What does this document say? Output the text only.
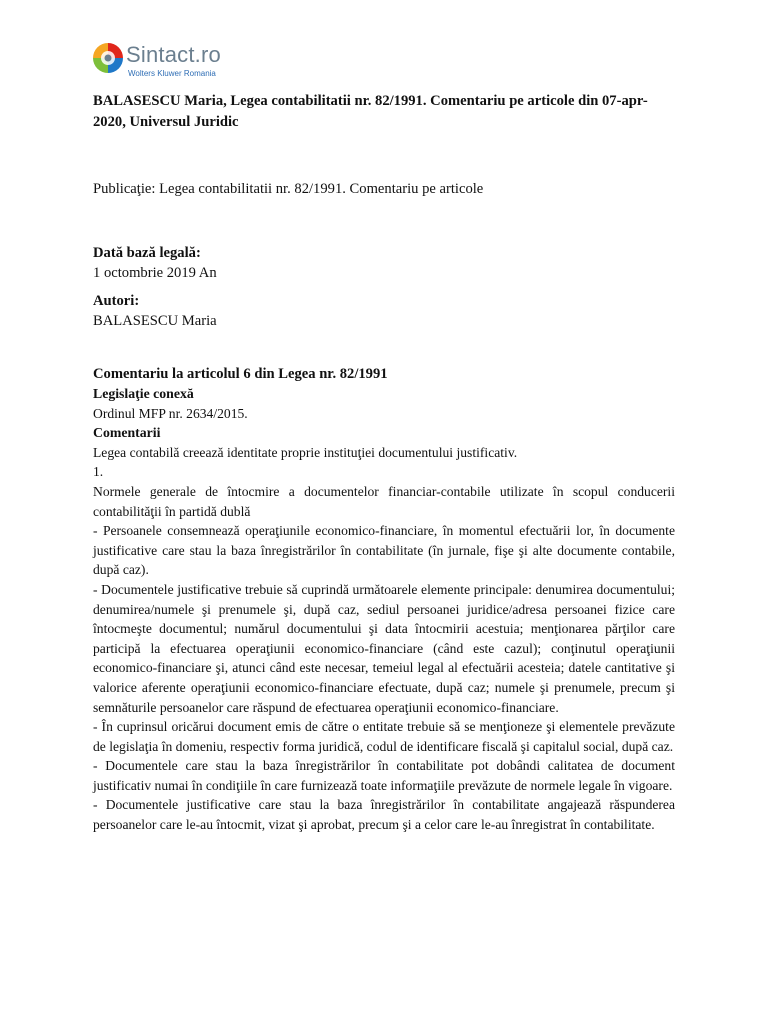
Sintact.ro
Wolters Kluwer Romania

BALASESCU Maria, Legea contabilitatii nr. 82/1991. Comentariu pe articole din 07-apr-2020, Universul Juridic

Publicaţie: Legea contabilitatii nr. 82/1991. Comentariu pe articole

Dată bază legală:

1 octombrie 2019 An

Autori:

BALASESCU Maria

Comentariu la articolul 6 din Legea nr. 82/1991

Legislaţie conexă

Ordinul MFP nr. 2634/2015.

Comentarii

Legea contabilă creează identitate proprie instituţiei documentului justificativ.

1.

Normele generale de întocmire a documentelor financiar-contabile utilizate în scopul conducerii contabilităţii în partidă dublă

- Persoanele consemnează operaţiunile economico-financiare, în momentul efectuării lor, în documente justificative care stau la baza înregistrărilor în contabilitate (în jurnale, fişe şi alte documente contabile, după caz).

- Documentele justificative trebuie să cuprindă următoarele elemente principale: denumirea documentului; denumirea/numele şi prenumele şi, după caz, sediul persoanei juridice/adresa persoanei fizice care întocmeşte documentul; numărul documentului şi data întocmirii acestuia; menţionarea părţilor care participă la efectuarea operaţiunii economico-financiare (când este cazul); conţinutul operaţiunii economico-financiare şi, atunci când este necesar, temeiul legal al efectuării acesteia; datele cantitative şi valorice aferente operaţiunii economico-financiare efectuate, după caz; numele şi prenumele, precum şi semnăturile persoanelor care răspund de efectuarea operaţiunii economico-financiare.

- În cuprinsul oricărui document emis de către o entitate trebuie să se menţioneze şi elementele prevăzute de legislaţia în domeniu, respectiv forma juridică, codul de identificare fiscală şi capitalul social, după caz.

- Documentele care stau la baza înregistrărilor în contabilitate pot dobândi calitatea de document justificativ numai în condiţiile în care furnizează toate informaţiile prevăzute de normele legale în vigoare.

- Documentele justificative care stau la baza înregistrărilor în contabilitate angajează răspunderea persoanelor care le-au întocmit, vizat şi aprobat, precum şi a celor care le-au înregistrat în contabilitate.
